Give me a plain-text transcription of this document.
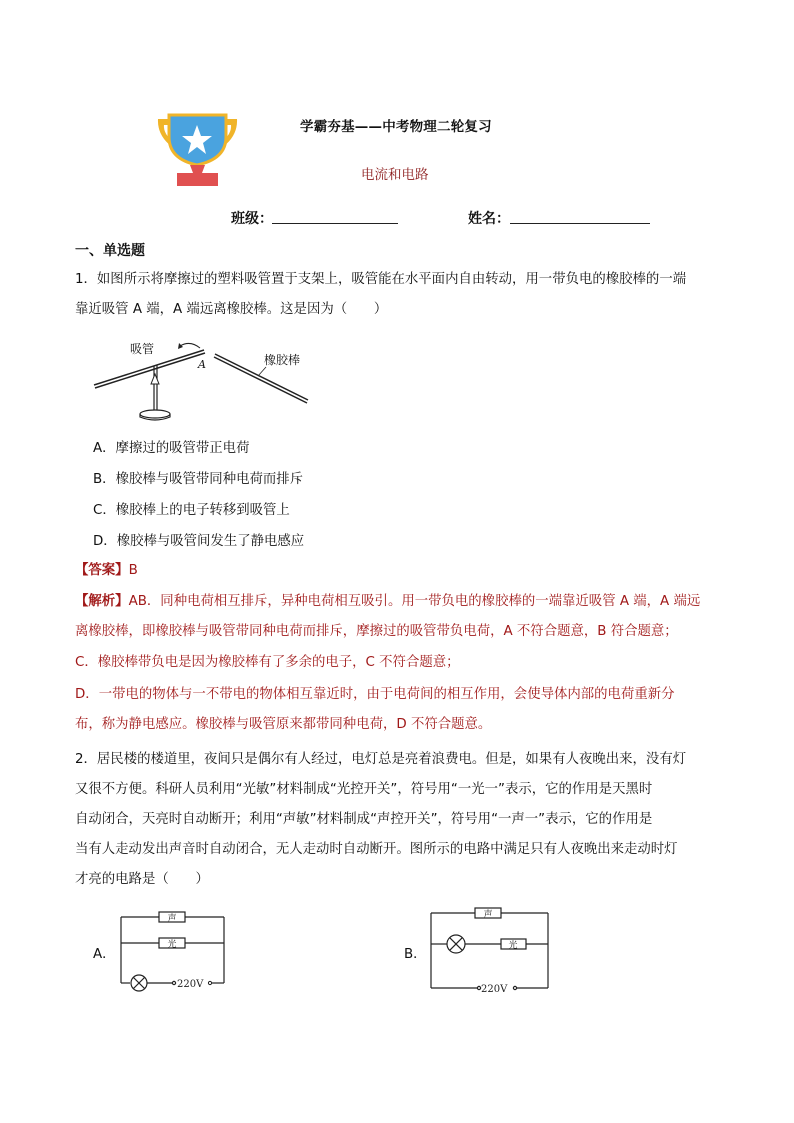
学霸夯基——中考物理二轮复习
电流和电路
班级：	姓名：
一、单选题
1．如图所示将摩擦过的塑料吸管置于支架上，吸管能在水平面内自由转动，用一带负电的橡胶棒的一端
靠近吸管 A 端，A 端远离橡胶棒。这是因为（　　）
吸管
A	橡胶棒
A．摩擦过的吸管带正电荷
B．橡胶棒与吸管带同种电荷而排斥
C．橡胶棒上的电子转移到吸管上
D．橡胶棒与吸管间发生了静电感应
【答案】B
【解析】AB．同种电荷相互排斥，异种电荷相互吸引。用一带负电的橡胶棒的一端靠近吸管 A 端，A 端远
离橡胶棒，即橡胶棒与吸管带同种电荷而排斥，摩擦过的吸管带负电荷，A 不符合题意，B 符合题意；
C．橡胶棒带负电是因为橡胶棒有了多余的电子，C 不符合题意；
D．一带电的物体与一不带电的物体相互靠近时，由于电荷间的相互作用，会使导体内部的电荷重新分
布，称为静电感应。橡胶棒与吸管原来都带同种电荷，D 不符合题意。
2．居民楼的楼道里，夜间只是偶尔有人经过，电灯总是亮着浪费电。但是，如果有人夜晚出来，没有灯
又很不方便。科研人员利用“光敏”材料制成“光控开关”，符号用“一光一”表示，它的作用是天黑时
自动闭合，天亮时自动断开；利用“声敏”材料制成“声控开关”，符号用“一声一”表示，它的作用是
当有人走动发出声音时自动闭合，无人走动时自动断开。图所示的电路中满足只有人夜晚出来走动时灯
才亮的电路是（　　）
A．
声
光
220V
B．
声
光
220V
